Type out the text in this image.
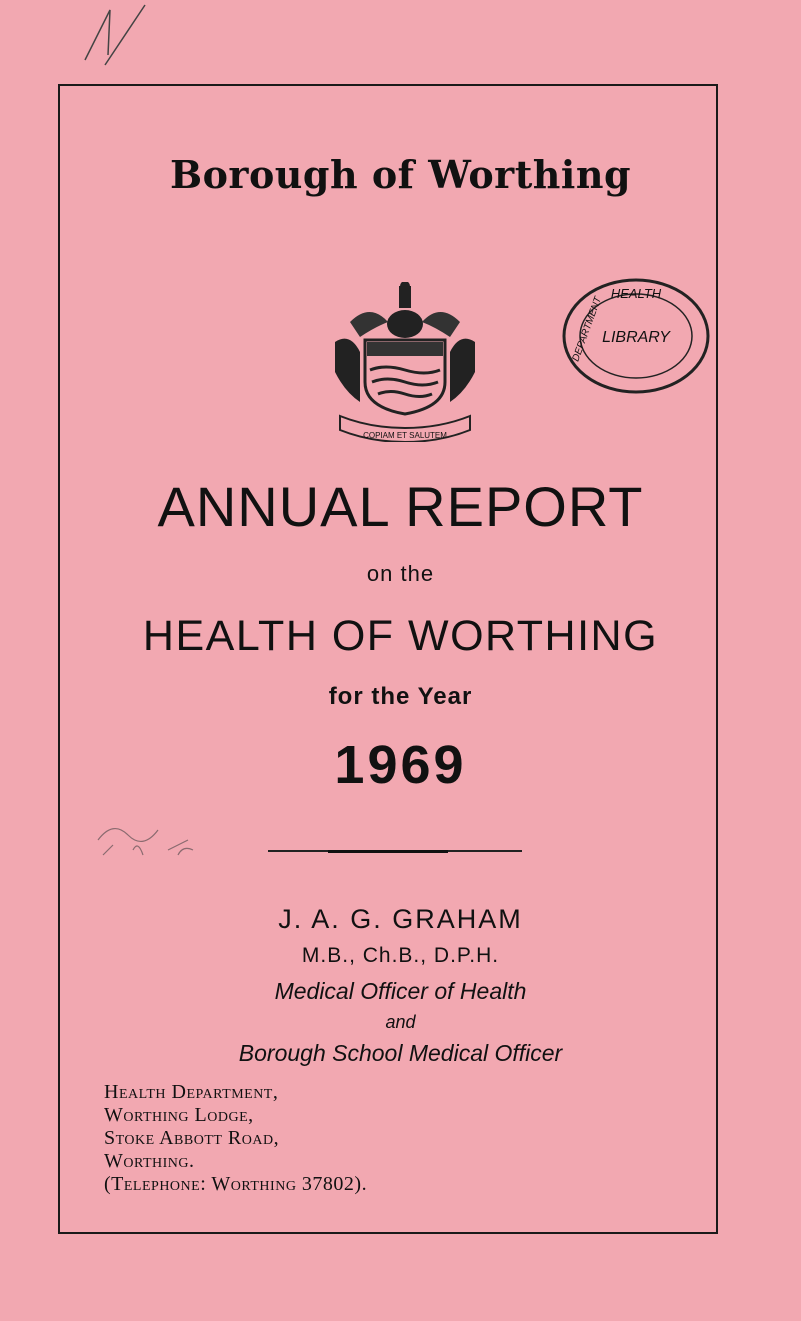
Borough of Worthing
COPIAM ET SALUTEM
HEALTH
LIBRARY
DEPARTMENT
ANNUAL REPORT
on the
HEALTH OF WORTHING
for the Year
1969
J. A. G. GRAHAM
M.B., Ch.B., D.P.H.
Medical Officer of Health
and
Borough School Medical Officer
Health Department,
Worthing Lodge,
Stoke Abbott Road,
Worthing.
(Telephone: Worthing 37802).
